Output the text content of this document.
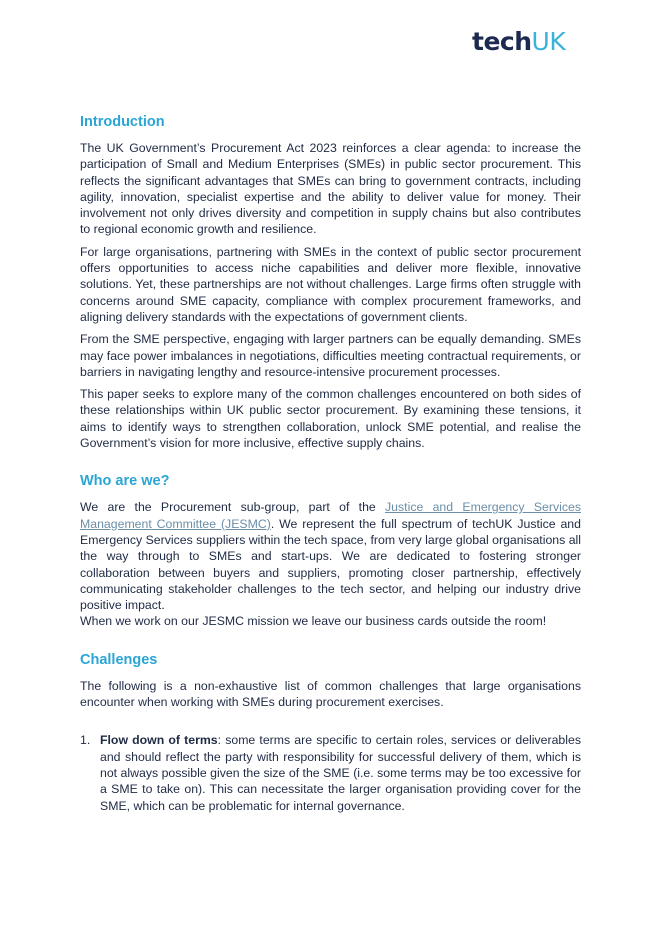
techUK
Introduction

The UK Government’s Procurement Act 2023 reinforces a clear agenda: to increase the participation of Small and Medium Enterprises (SMEs) in public sector procurement. This reflects the significant advantages that SMEs can bring to government contracts, including agility, innovation, specialist expertise and the ability to deliver value for money. Their involvement not only drives diversity and competition in supply chains but also contributes to regional economic growth and resilience.

For large organisations, partnering with SMEs in the context of public sector procurement offers opportunities to access niche capabilities and deliver more flexible, innovative solutions. Yet, these partnerships are not without challenges. Large firms often struggle with concerns around SME capacity, compliance with complex procurement frameworks, and aligning delivery standards with the expectations of government clients.

From the SME perspective, engaging with larger partners can be equally demanding. SMEs may face power imbalances in negotiations, difficulties meeting contractual requirements, or barriers in navigating lengthy and resource-intensive procurement processes.

This paper seeks to explore many of the common challenges encountered on both sides of these relationships within UK public sector procurement. By examining these tensions, it aims to identify ways to strengthen collaboration, unlock SME potential, and realise the Government’s vision for more inclusive, effective supply chains.

Who are we?

We are the Procurement sub-group, part of the Justice and Emergency Services Management Committee (JESMC). We represent the full spectrum of techUK Justice and Emergency Services suppliers within the tech space, from very large global organisations all the way through to SMEs and start-ups. We are dedicated to fostering stronger collaboration between buyers and suppliers, promoting closer partnership, effectively communicating stakeholder challenges to the tech sector, and helping our industry drive positive impact.

When we work on our JESMC mission we leave our business cards outside the room!

Challenges

The following is a non-exhaustive list of common challenges that large organisations encounter when working with SMEs during procurement exercises.

1. Flow down of terms: some terms are specific to certain roles, services or deliverables and should reflect the party with responsibility for successful delivery of them, which is not always possible given the size of the SME (i.e. some terms may be too excessive for a SME to take on). This can necessitate the larger organisation providing cover for the SME, which can be problematic for internal governance.
